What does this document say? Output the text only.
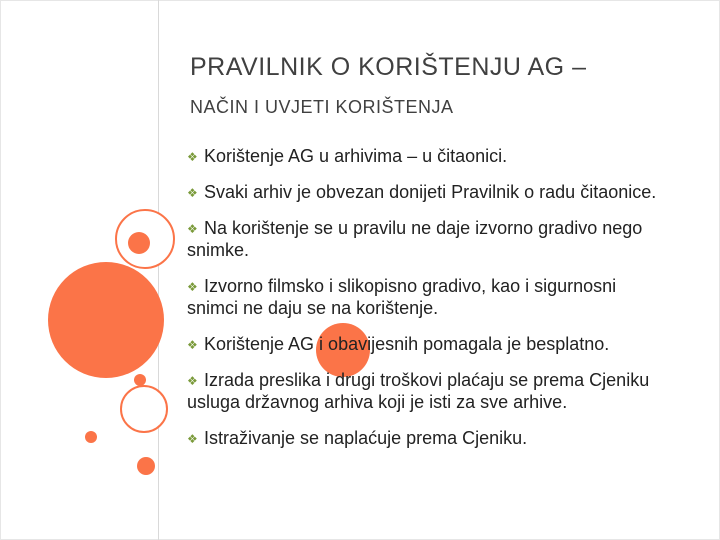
PRAVILNIK O KORIŠTENJU AG –
NAČIN I UVJETI KORIŠTENJA
❖ Korištenje AG u arhivima – u čitaonici.
❖ Svaki arhiv je obvezan donijeti Pravilnik o radu čitaonice.
❖ Na korištenje se u pravilu ne daje izvorno gradivo nego snimke.
❖ Izvorno filmsko i slikopisno gradivo, kao i sigurnosni snimci ne daju se na korištenje.
❖ Korištenje AG i obavijesnih pomagala je besplatno.
❖ Izrada preslika i drugi troškovi plaćaju se prema Cjeniku usluga državnog arhiva koji je isti za sve arhive.
❖ Istraživanje se naplaćuje prema Cjeniku.
